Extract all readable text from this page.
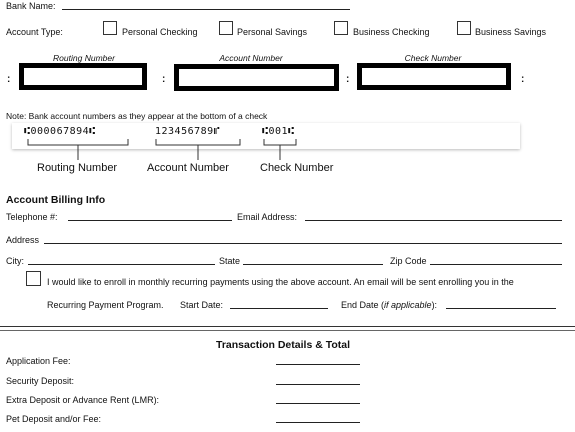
Bank Name:
Account Type:	Personal Checking	Personal Savings	Business Checking	Business Savings
Routing Number	Account Number	Check Number
:	:	:	:
Note: Bank account numbers as they appear at the bottom of a check
⑆000067894⑆	123456789⑈	⑆001⑆
Routing Number	Account Number	Check Number
Account Billing Info
Telephone #:	Email Address:
Address
City:	State	Zip Code
I would like to enroll in monthly recurring payments using the above account. An email will be sent enrolling you in the
Recurring Payment Program. Start Date:	End Date (if applicable):
Transaction Details & Total
Application Fee:
Security Deposit:
Extra Deposit or Advance Rent (LMR):
Pet Deposit and/or Fee:
